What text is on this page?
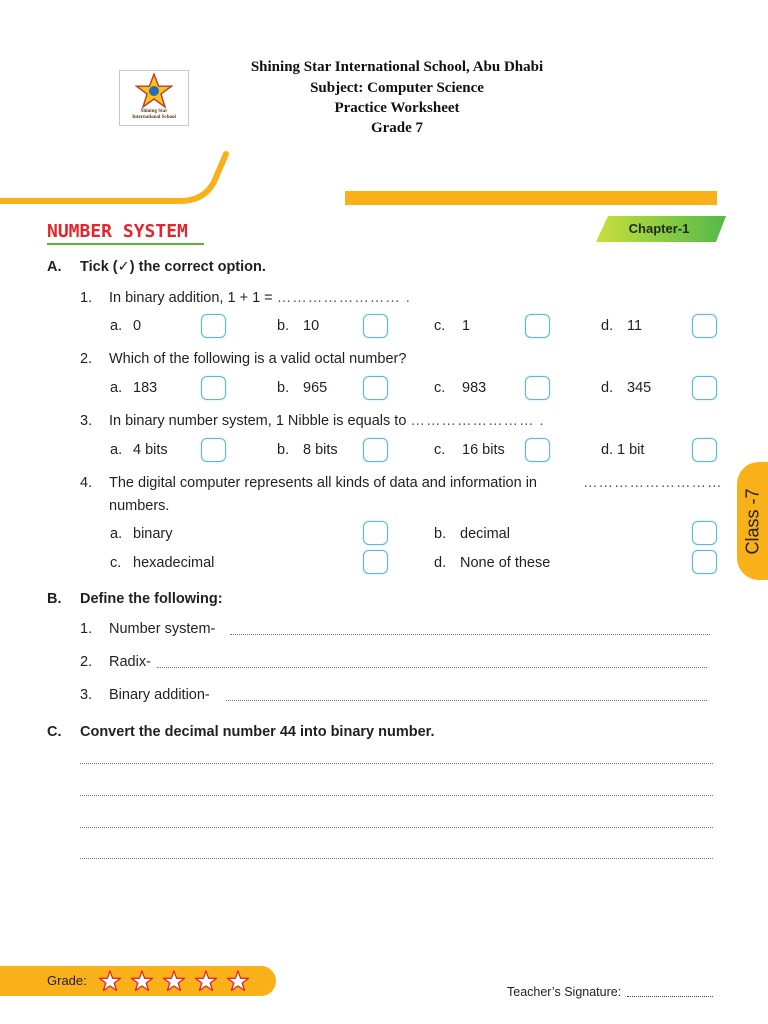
Shining Star
International School
Shining Star International School, Abu Dhabi
Subject: Computer Science
Practice Worksheet
Grade 7
NUMBER SYSTEM	Chapter-1
Class -7
A. Tick (✓) the correct option.
1. In binary addition, 1 + 1 = …………………… .
a. 0	b. 10	c. 1	d. 11
2. Which of the following is a valid octal number?
a. 183	b. 965	c. 983	d. 345
3. In binary number system, 1 Nibble is equals to …………………… .
a. 4 bits	b. 8 bits	c. 16 bits	d. 1 bit
4. The digital computer represents all kinds of data and information in	………………………
numbers.
a. binary	b. decimal
c. hexadecimal	d. None of these
B. Define the following:
1. Number system-
2. Radix-
3. Binary addition-
C. Convert the decimal number 44 into binary number.
Grade:
Teacher’s Signature:
